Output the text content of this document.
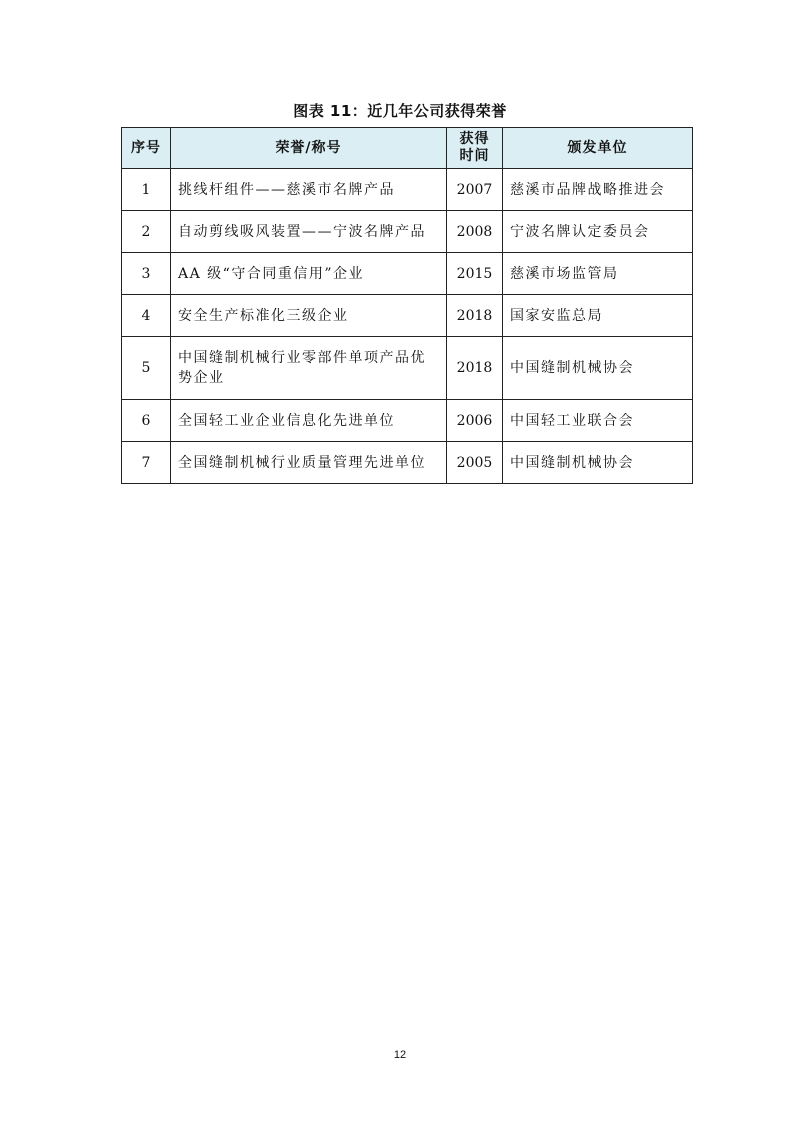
图表 11：近几年公司获得荣誉
序号	荣誉/称号	获得时间	颁发单位
1	挑线杆组件——慈溪市名牌产品	2007	慈溪市品牌战略推进会
2	自动剪线吸风装置——宁波名牌产品	2008	宁波名牌认定委员会
3	AA 级“守合同重信用”企业	2015	慈溪市场监管局
4	安全生产标准化三级企业	2018	国家安监总局
5	中国缝制机械行业零部件单项产品优势企业	2018	中国缝制机械协会
6	全国轻工业企业信息化先进单位	2006	中国轻工业联合会
7	全国缝制机械行业质量管理先进单位	2005	中国缝制机械协会
12
